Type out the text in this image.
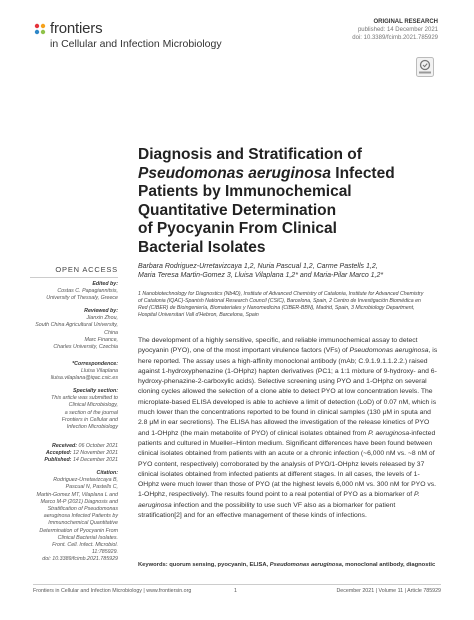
frontiers
in Cellular and Infection Microbiology
ORIGINAL RESEARCH
published: 14 December 2021
doi: 10.3389/fcimb.2021.785929
Diagnosis and Stratification of
Pseudomonas aeruginosa Infected
Patients by Immunochemical
Quantitative Determination
of Pyocyanin From Clinical
Bacterial Isolates
Barbara Rodriguez-Urretavizcaya 1,2, Nuria Pascual 1,2, Carme Pastells 1,2,
Maria Teresa Martin-Gomez 3, Lluisa Vilaplana 1,2* and Maria-Pilar Marco 1,2*
1 Nanobiotechnology for Diagnostics (Nb4D), Institute of Advanced Chemistry of Catalonia, Institute for Advanced Chemistry
of Catalonia (IQAC)-Spanish National Research Council (CSIC), Barcelona, Spain, 2 Centro de Investigación Biomédica en
Red (CIBER) de Bioingeniería, Biomateriales y Nanomedicina (CIBER-BBN), Madrid, Spain, 3 Microbiology Department,
Hospital Universitari Vall d'Hebron, Barcelona, Spain

The development of a highly sensitive, specific, and reliable immunochemical assay to detect pyocyanin (PYO), one of the most important virulence factors (VFs) of Pseudomonas aeruginosa, is here reported. The assay uses a high-affinity monoclonal antibody (mAb; C.9.1.9.1.1.2.2.) raised against 1-hydroxyphenazine (1-OHphz) hapten derivatives (PC1; a 1:1 mixture of 9-hydroxy- and 6-hydroxy-phenazine-2-carboxylic acids). Selective screening using PYO and 1-OHphz on several cloning cycles allowed the selection of a clone able to detect PYO at low concentration levels. The microplate-based ELISA developed is able to achieve a limit of detection (LoD) of 0.07 nM, which is much lower than the concentrations reported to be found in clinical samples (130 μM in sputa and 2.8 μM in ear secretions). The ELISA has allowed the investigation of the release kinetics of PYO and 1-OHphz (the main metabolite of PYO) of clinical isolates obtained from P. aeruginosa-infected patients and cultured in Mueller–Hinton medium. Significant differences have been found between clinical isolates obtained from patients with an acute or a chronic infection (~6,000 nM vs. ~8 nM of PYO content, respectively) corroborated by the analysis of PYO/1-OHphz levels released by 37 clinical isolates obtained from infected patients at different stages. In all cases, the levels of 1-OHphz were much lower than those of PYO (at the highest levels 6,000 nM vs. 300 nM for PYO vs. 1-OHphz, respectively). The results found point to a real potential of PYO as a biomarker of P. aeruginosa infection and the possibility to use such VF also as a biomarker for patient stratification[2] and for an effective management of these kinds of infections.

Keywords: quorum sensing, pyocyanin, ELISA, Pseudomonas aeruginosa, monoclonal antibody, diagnostic
OPEN ACCESS
Edited by:
Costas C. Papagiannitsis,
University of Thessaly, Greece
Reviewed by:
Jianxin Zhou,
South China Agricultural University,
China
Marc Finance,
Charles University, Czechia
*Correspondence:
Lluisa Vilaplana
lluisa.vilaplana@iqac.csic.es
Specialty section:
This article was submitted to
Clinical Microbiology,
a section of the journal
Frontiers in Cellular and
Infection Microbiology
Received: 06 October 2021
Accepted: 12 November 2021
Published: 14 December 2021
Citation:
Rodriguez-Urretavizcaya B,
Pascual N, Pastells C,
Martin-Gomez MT, Vilaplana L and
Marco M-P (2021) Diagnosis and
Stratification of Pseudomonas
aeruginosa Infected Patients by
Immunochemical Quantitative
Determination of Pyocyanin From
Clinical Bacterial Isolates.
Front. Cell. Infect. Microbiol. 11:785929.
doi: 10.3389/fcimb.2021.785929
Frontiers in Cellular and Infection Microbiology | www.frontiersin.org	1	December 2021 | Volume 11 | Article 785929
